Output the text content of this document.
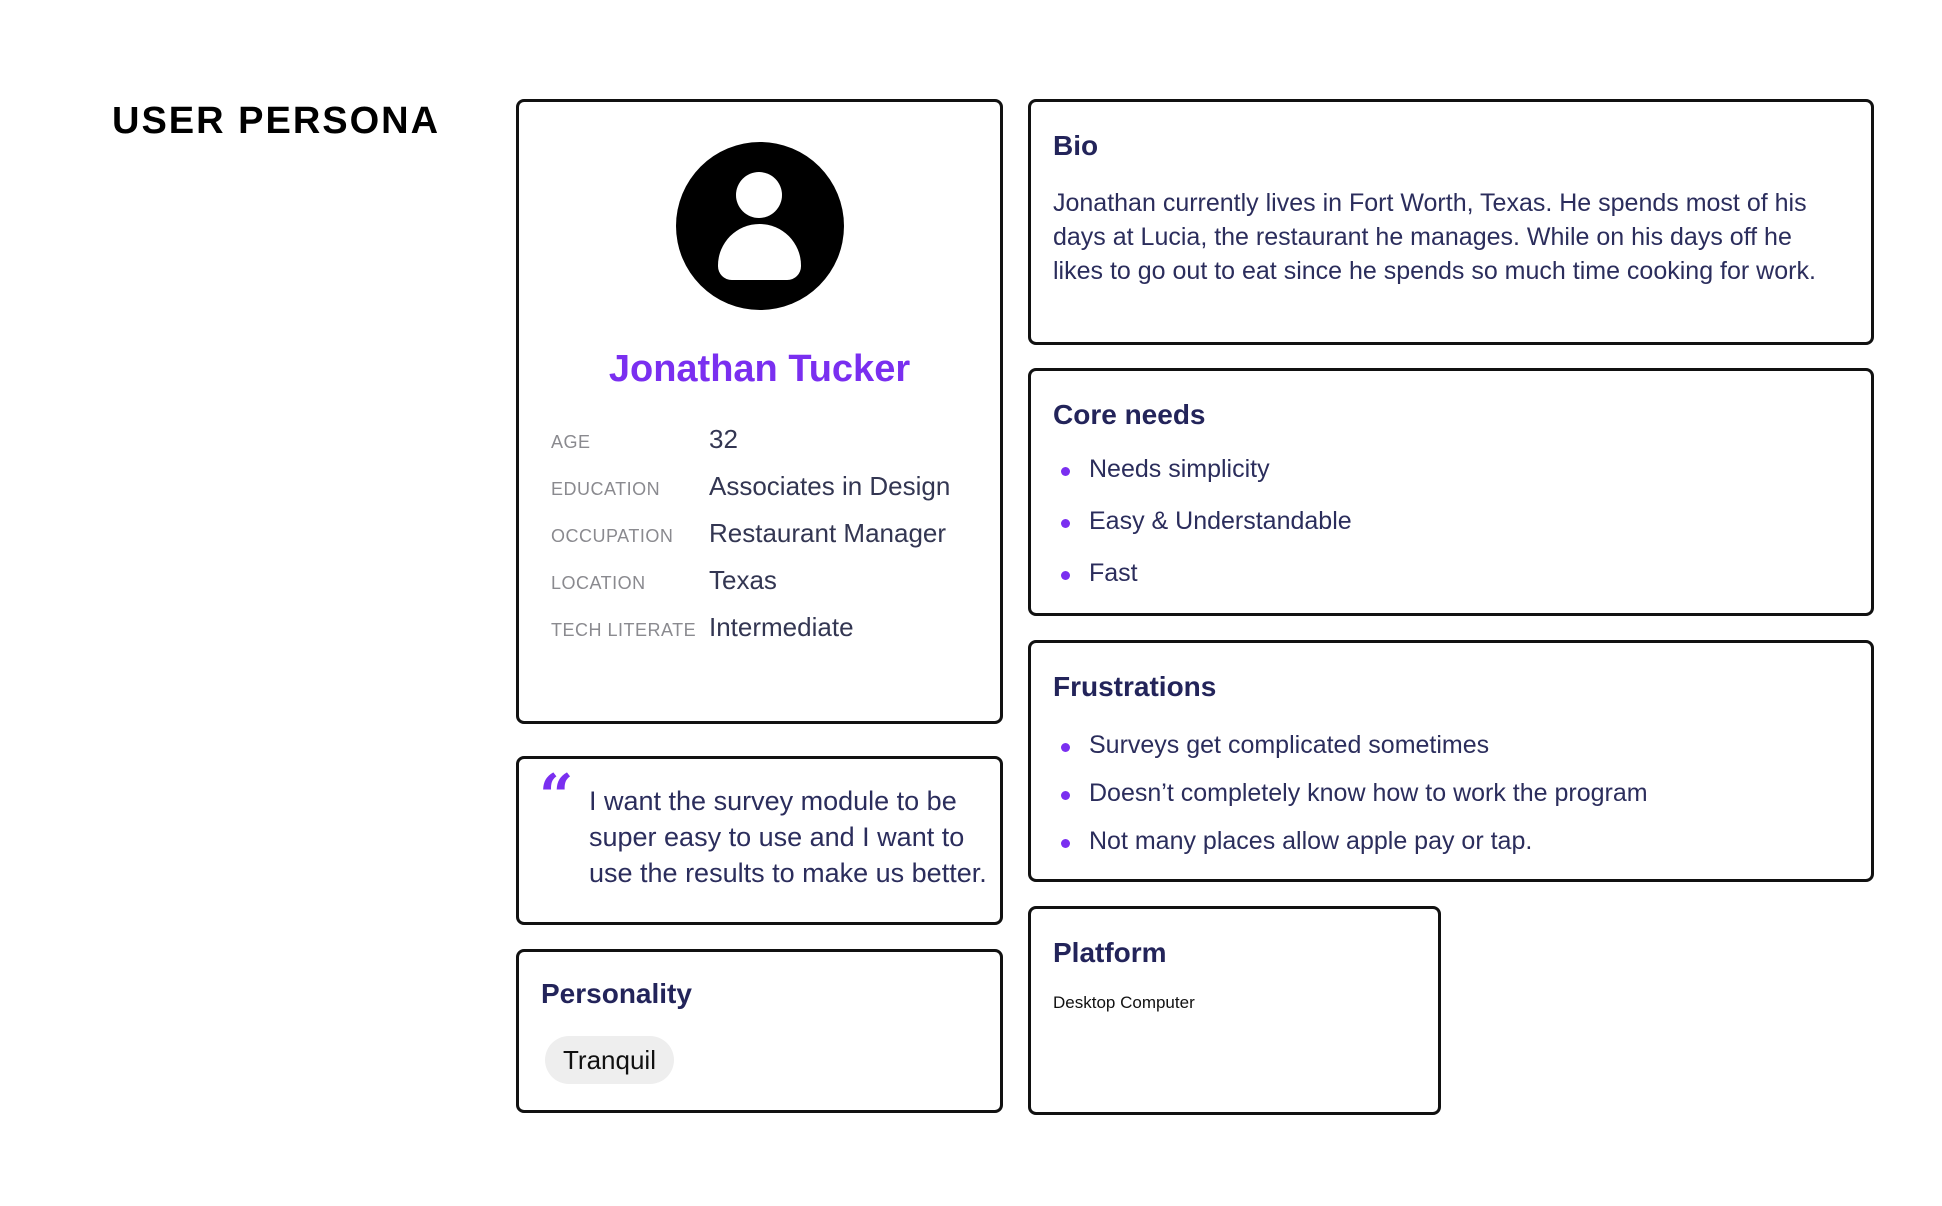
USER PERSONA
Jonathan Tucker
AGE	32
EDUCATION	Associates in Design
OCCUPATION	Restaurant Manager
LOCATION	Texas
TECH LITERATE Intermediate
“ I want the survey module to be super easy to use and I want to use the results to make us better.
Personality
Tranquil
Bio
Jonathan currently lives in Fort Worth, Texas. He spends most of his days at Lucia, the restaurant he manages. While on his days off he likes to go out to eat since he spends so much time cooking for work.
Core needs
Needs simplicity
Easy & Understandable
Fast
Frustrations
Surveys get complicated sometimes
Doesn’t completely know how to work the program
Not many places allow apple pay or tap.
Platform
Desktop Computer
